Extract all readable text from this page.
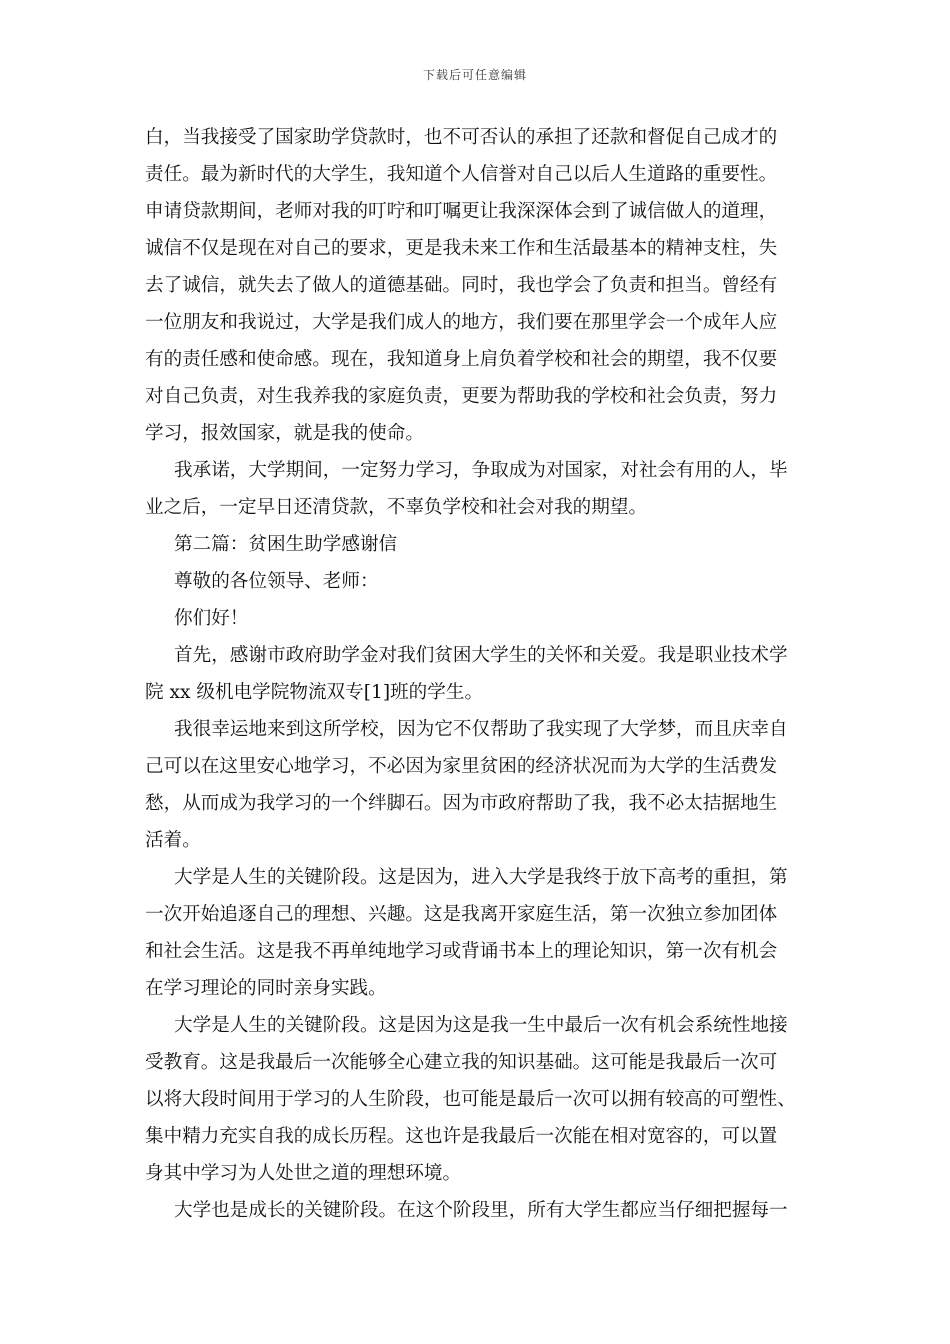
下载后可任意编辑
白，当我接受了国家助学贷款时，也不可否认的承担了还款和督促自己成才的
责任。最为新时代的大学生，我知道个人信誉对自己以后人生道路的重要性。
申请贷款期间，老师对我的叮咛和叮嘱更让我深深体会到了诚信做人的道理，
诚信不仅是现在对自己的要求，更是我未来工作和生活最基本的精神支柱，失
去了诚信，就失去了做人的道德基础。同时，我也学会了负责和担当。曾经有
一位朋友和我说过，大学是我们成人的地方，我们要在那里学会一个成年人应
有的责任感和使命感。现在，我知道身上肩负着学校和社会的期望，我不仅要
对自己负责，对生我养我的家庭负责，更要为帮助我的学校和社会负责，努力
学习，报效国家，就是我的使命。
我承诺，大学期间，一定努力学习，争取成为对国家，对社会有用的人，毕
业之后，一定早日还清贷款，不辜负学校和社会对我的期望。
第二篇：贫困生助学感谢信
尊敬的各位领导、老师：
你们好！
首先，感谢市政府助学金对我们贫困大学生的关怀和关爱。我是职业技术学
院 xx 级机电学院物流双专[1]班的学生。
我很幸运地来到这所学校，因为它不仅帮助了我实现了大学梦，而且庆幸自
己可以在这里安心地学习，不必因为家里贫困的经济状况而为大学的生活费发
愁，从而成为我学习的一个绊脚石。因为市政府帮助了我，我不必太拮据地生
活着。
大学是人生的关键阶段。这是因为，进入大学是我终于放下高考的重担，第
一次开始追逐自己的理想、兴趣。这是我离开家庭生活，第一次独立参加团体
和社会生活。这是我不再单纯地学习或背诵书本上的理论知识，第一次有机会
在学习理论的同时亲身实践。
大学是人生的关键阶段。这是因为这是我一生中最后一次有机会系统性地接
受教育。这是我最后一次能够全心建立我的知识基础。这可能是我最后一次可
以将大段时间用于学习的人生阶段，也可能是最后一次可以拥有较高的可塑性、
集中精力充实自我的成长历程。这也许是我最后一次能在相对宽容的，可以置
身其中学习为人处世之道的理想环境。
大学也是成长的关键阶段。在这个阶段里，所有大学生都应当仔细把握每一
